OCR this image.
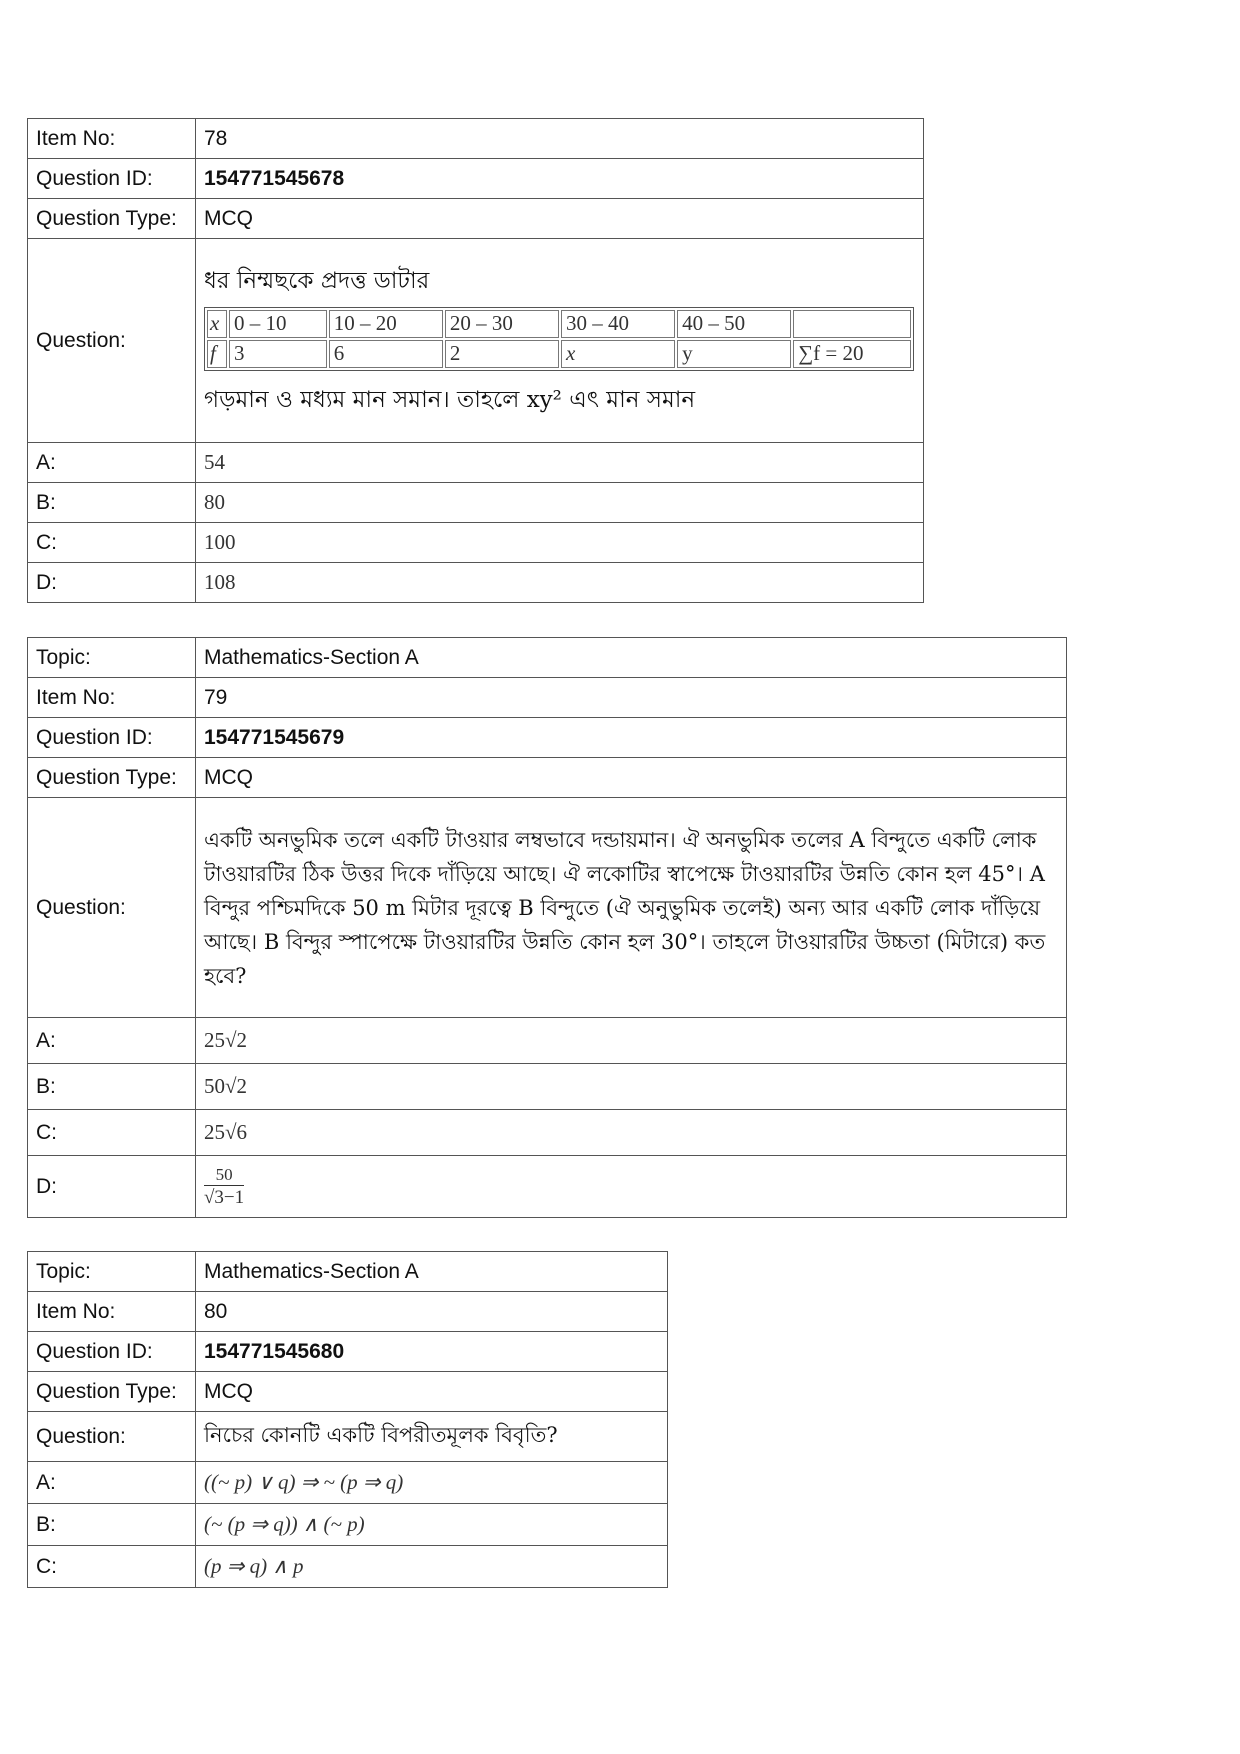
Item No:	78
Question ID:	154771545678
Question Type:	MCQ
Question:	
ধর নিম্মছকে প্রদত্ত ডাটার
x	0 – 10	10 – 20	20 – 30	30 – 40	40 – 50	
f	3	6	2	x	y	∑f = 20
গড়মান ও মধ্যম মান সমান। তাহলে xy² এৎ মান সমান

A:	54
B:	80
C:	100
D:	108
Topic:	Mathematics-Section A
Item No:	79
Question ID:	154771545679
Question Type:	MCQ
Question:	একটি অনভুমিক তলে একটি টাওয়ার লম্বভাবে দন্ডায়মান। ঐ অনভুমিক তলের A বিন্দুতে একটি লোক টাওয়ারটির ঠিক উত্তর দিকে দাঁড়িয়ে আছে। ঐ লকোটির স্বাপেক্ষে টাওয়ারটির উন্নতি কোন হল 45°। A বিন্দুর পশ্চিমদিকে 50 m মিটার দূরত্বে B বিন্দুতে (ঐ অনুভুমিক তলেই) অন্য আর একটি লোক দাঁড়িয়ে আছে। B বিন্দুর স্পাপেক্ষে টাওয়ারটির উন্নতি কোন হল 30°। তাহলে টাওয়ারটির উচ্চতা (মিটারে) কত হবে?
A:	25√2
B:	50√2
C:	25√6
D:	$\frac{50}{√3-1}$
Topic:	Mathematics-Section A
Item No:	80
Question ID:	154771545680
Question Type:	MCQ
Question:	নিচের কোনটি একটি বিপরীতমূলক বিবৃতি?
A:	((~ p) ∨ q) ⇒ ~ (p ⇒ q)
B:	(~ (p ⇒ q)) ∧ (~ p)
C:	(p ⇒ q) ∧ p
